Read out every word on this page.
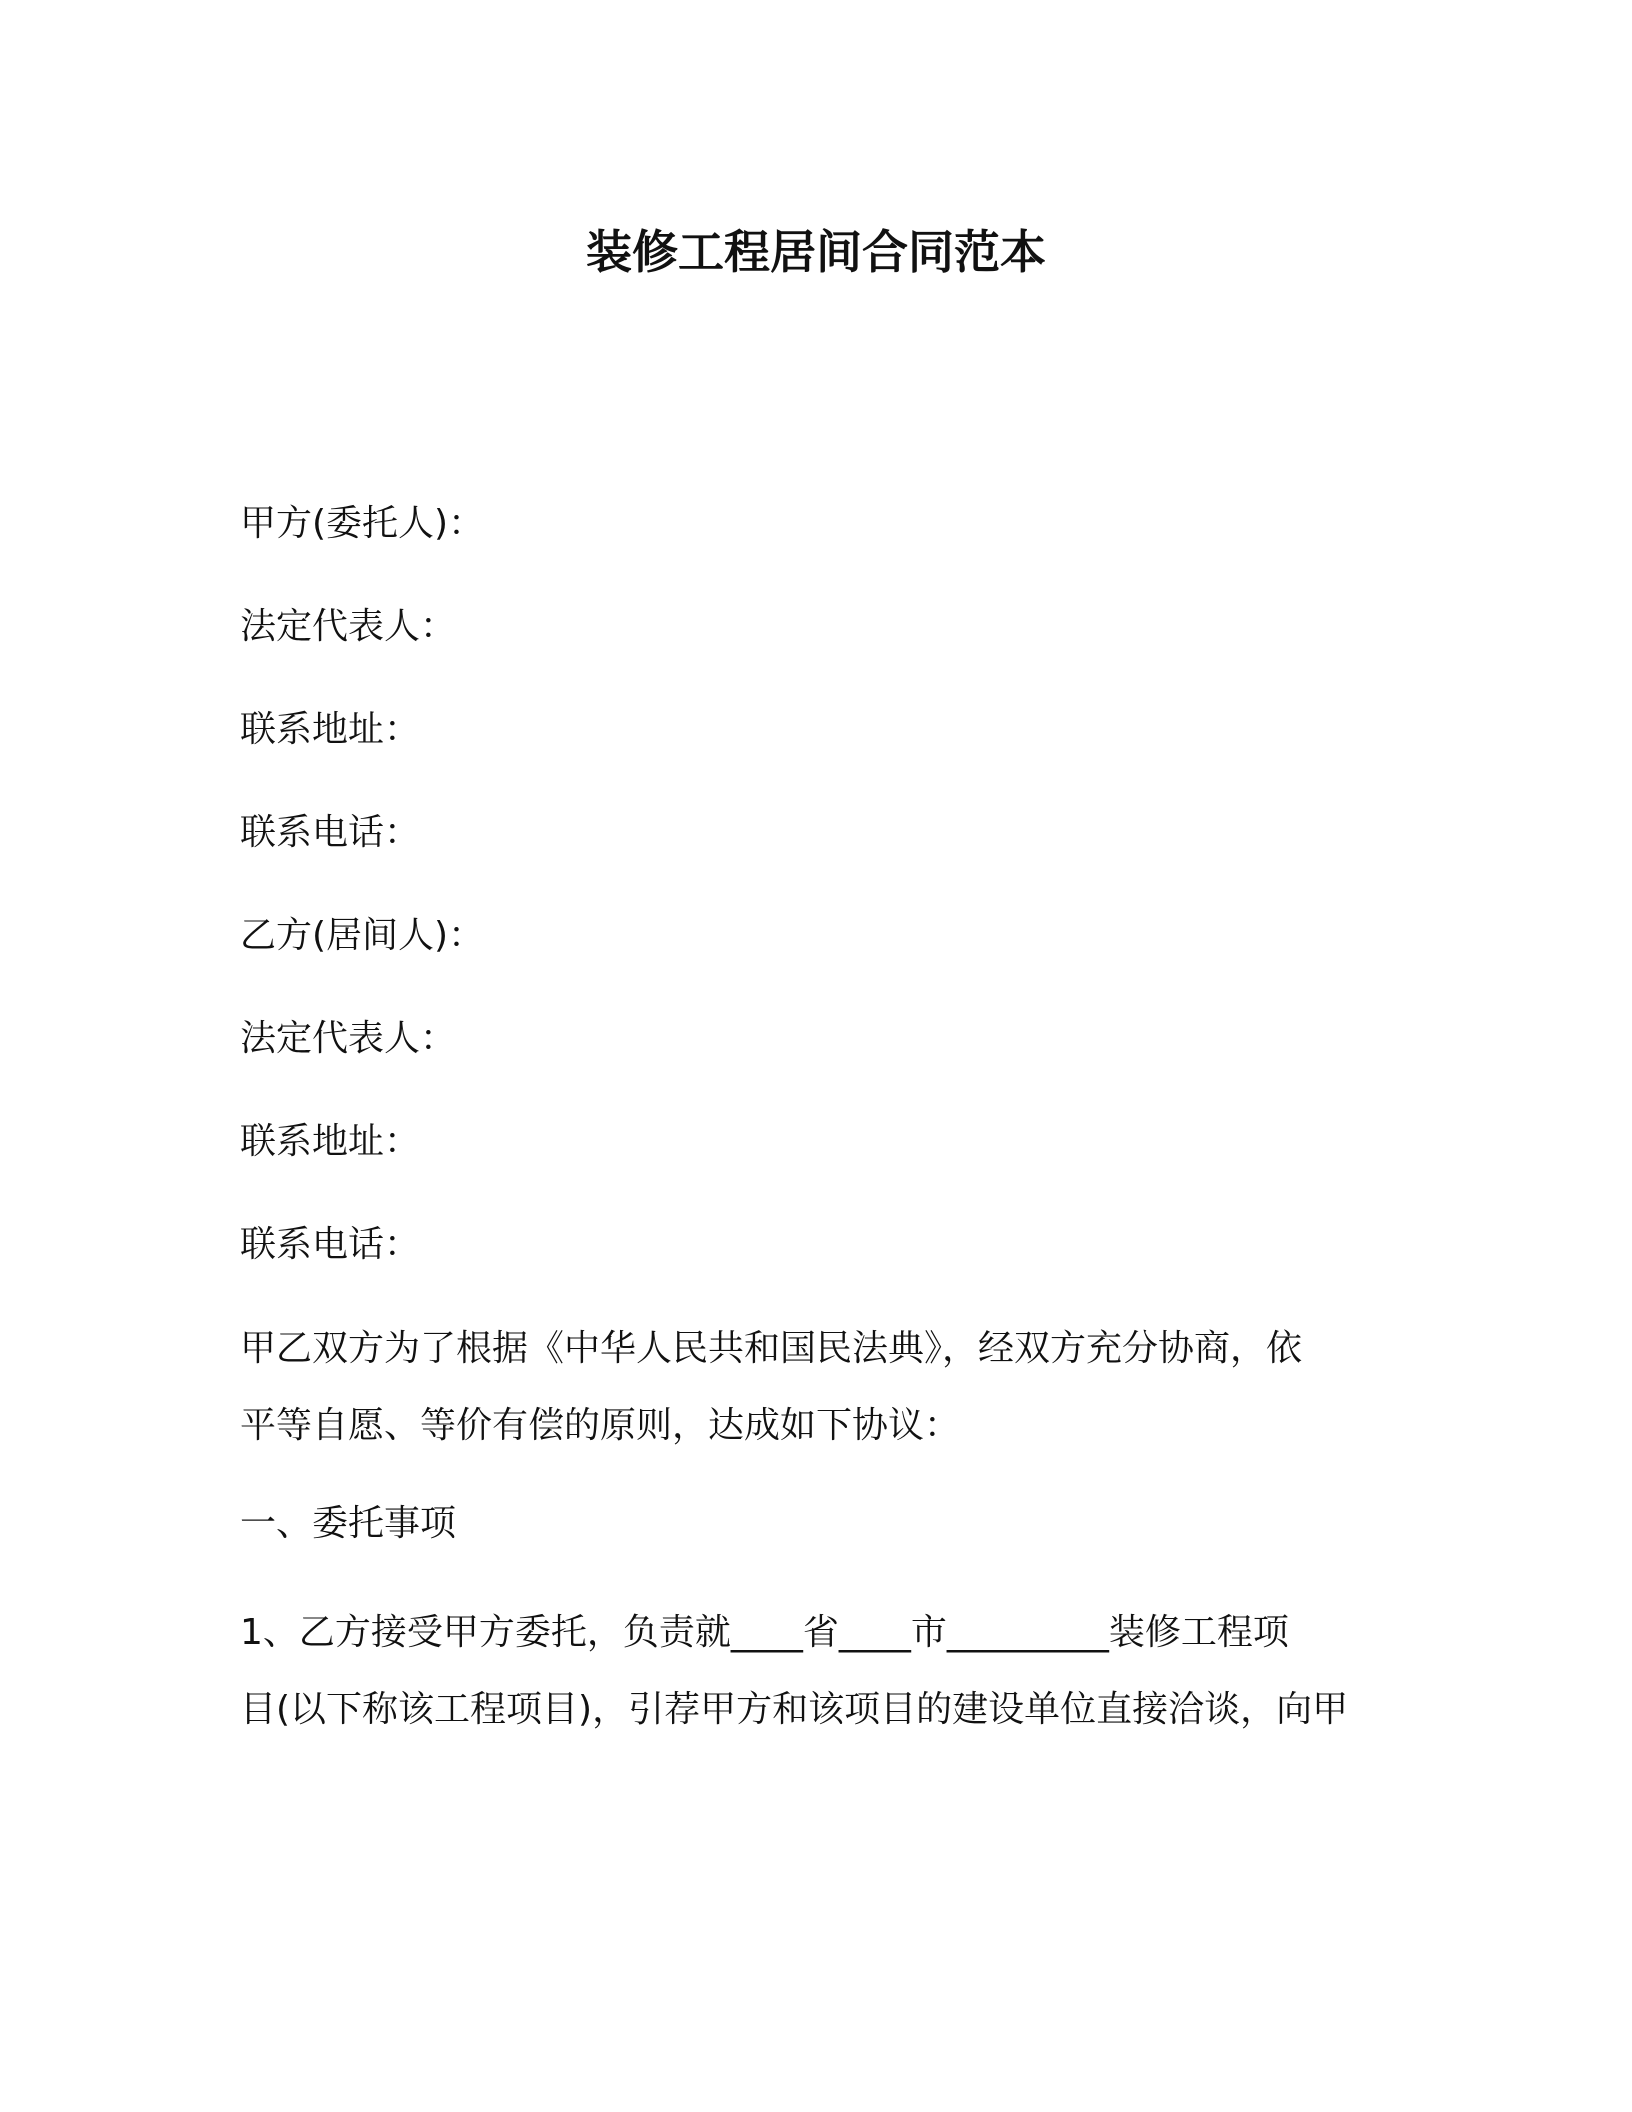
装修工程居间合同范本
甲方(委托人)：
法定代表人：
联系地址：
联系电话：
乙方(居间人)：
法定代表人：
联系地址：
联系电话：
甲乙双方为了根据《中华人民共和国民法典》，经双方充分协商，依
平等自愿、等价有偿的原则，达成如下协议：
一、委托事项
1、乙方接受甲方委托，负责就____省____市_________装修工程项
目(以下称该工程项目)，引荐甲方和该项目的建设单位直接洽谈，向甲
